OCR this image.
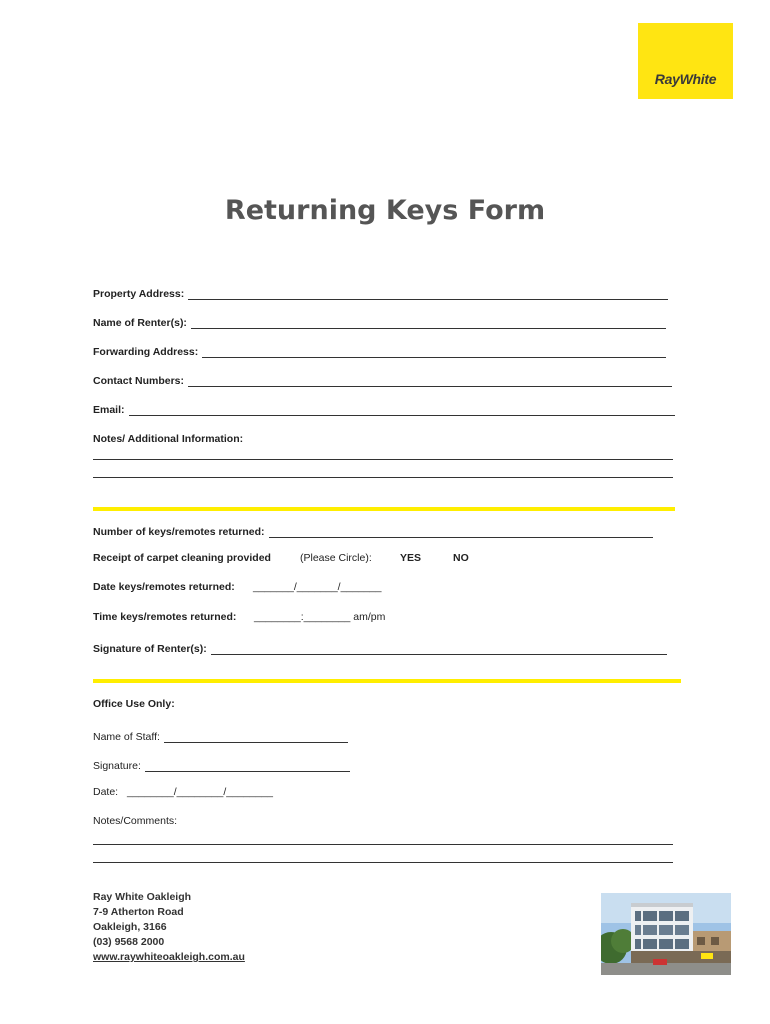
RayWhite
Returning Keys Form
Property Address:
Name of Renter(s):
Forwarding Address:
Contact Numbers:
Email:
Notes/ Additional Information:
Number of keys/remotes returned:
Receipt of carpet cleaning provided	(Please Circle):	YES	NO
Date keys/remotes returned: _______/_______/_______
Time keys/remotes returned: ________:________ am/pm
Signature of Renter(s):
Office Use Only:
Name of Staff:
Signature:
Date: ________/________/________
Notes/Comments:
Ray White Oakleigh
7-9 Atherton Road
Oakleigh, 3166
(03) 9568 2000
www.raywhiteoakleigh.com.au
